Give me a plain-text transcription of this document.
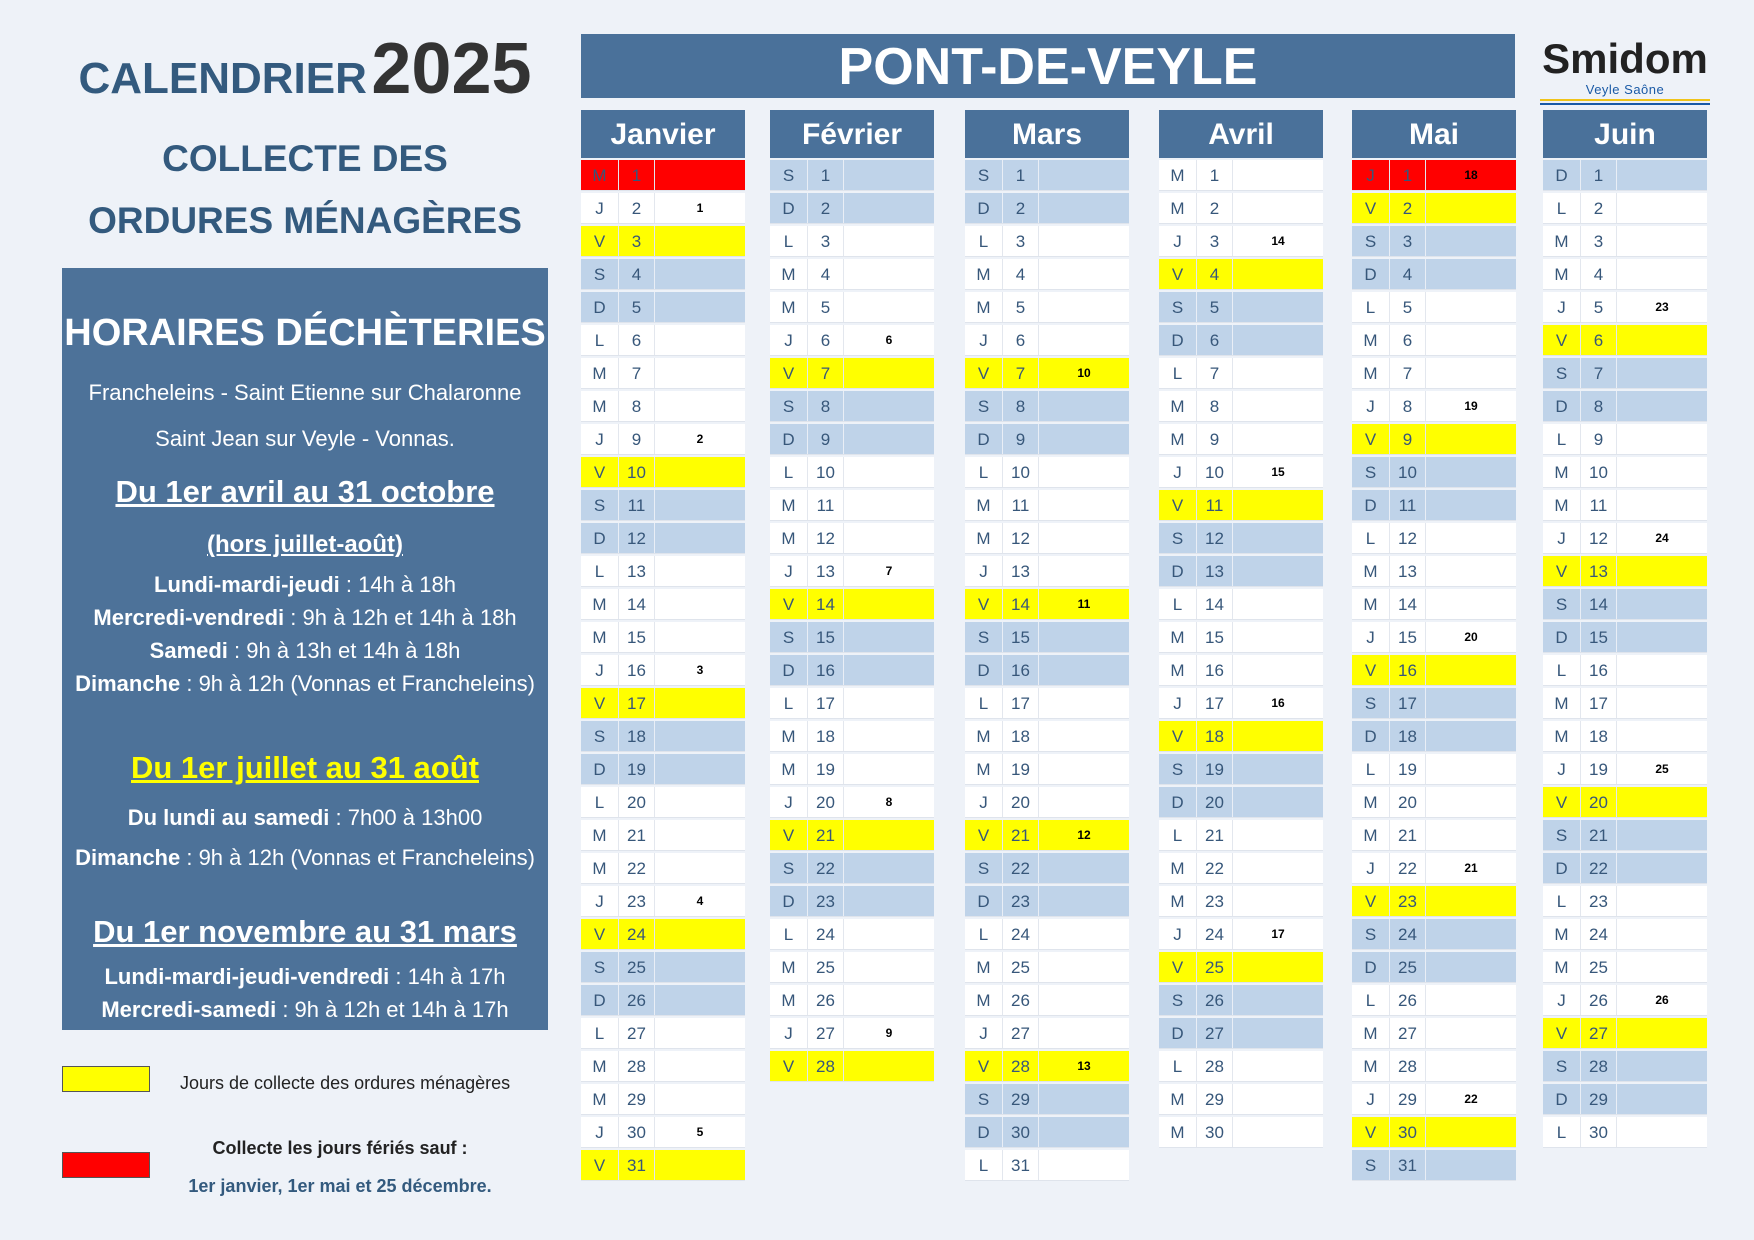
CALENDRIER 2025
COLLECTE DES
ORDURES MÉNAGÈRES
HORAIRES DÉCHÈTERIES
Francheleins - Saint Etienne sur Chalaronne
Saint Jean sur Veyle - Vonnas.
Du 1er avril au 31 octobre
(hors juillet-août)
Lundi-mardi-jeudi : 14h à 18h
Mercredi-vendredi : 9h à 12h et 14h à 18h
Samedi : 9h à 13h et 14h à 18h
Dimanche : 9h à 12h (Vonnas et Francheleins)
Du 1er juillet au 31 août
Du lundi au samedi : 7h00 à 13h00
Dimanche : 9h à 12h (Vonnas et Francheleins)
Du 1er novembre au 31 mars
Lundi-mardi-jeudi-vendredi : 14h à 17h
Mercredi-samedi : 9h à 12h et 14h à 17h
Jours de collecte des ordures ménagères
Collecte les jours fériés sauf :
1er janvier, 1er mai et 25 décembre.
PONT-DE-VEYLE	Smidom
Veyle Saône
Janvier
M	1
J	2	1
V	3
S	4
D	5
L	6
M	7
M	8
J	9	2
V	10
S	11
D	12
L	13
M	14
M	15
J	16	3
V	17
S	18
D	19
L	20
M	21
M	22
J	23	4
V	24
S	25
D	26
L	27
M	28
M	29
J	30	5
V	31
Février
S	1
D	2
L	3
M	4
M	5
J	6	6
V	7
S	8
D	9
L	10
M	11
M	12
J	13	7
V	14
S	15
D	16
L	17
M	18
M	19
J	20	8
V	21
S	22
D	23
L	24
M	25
M	26
J	27	9
V	28
Mars
S	1
D	2
L	3
M	4
M	5
J	6
V	7	10
S	8
D	9
L	10
M	11
M	12
J	13
V	14	11
S	15
D	16
L	17
M	18
M	19
J	20
V	21	12
S	22
D	23
L	24
M	25
M	26
J	27
V	28	13
S	29
D	30
L	31
Avril
M	1
M	2
J	3	14
V	4
S	5
D	6
L	7
M	8
M	9
J	10	15
V	11
S	12
D	13
L	14
M	15
M	16
J	17	16
V	18
S	19
D	20
L	21
M	22
M	23
J	24	17
V	25
S	26
D	27
L	28
M	29
M	30
Mai
J	1	18
V	2
S	3
D	4
L	5
M	6
M	7
J	8	19
V	9
S	10
D	11
L	12
M	13
M	14
J	15	20
V	16
S	17
D	18
L	19
M	20
M	21
J	22	21
V	23
S	24
D	25
L	26
M	27
M	28
J	29	22
V	30
S	31
Juin
D	1
L	2
M	3
M	4
J	5	23
V	6
S	7
D	8
L	9
M	10
M	11
J	12	24
V	13
S	14
D	15
L	16
M	17
M	18
J	19	25
V	20
S	21
D	22
L	23
M	24
M	25
J	26	26
V	27
S	28
D	29
L	30
